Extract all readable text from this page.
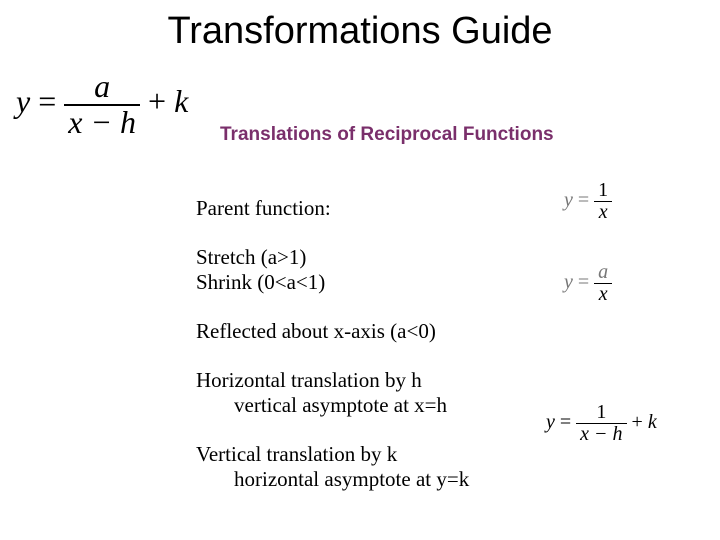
Transformations Guide
$y = \frac{a}{x - h} + k$
Translations of Reciprocal Functions
Parent function:
Stretch (a>1)
Shrink (0<a<1)
Reflected about x-axis (a<0)
Horizontal translation by h
vertical asymptote at x=h
Vertical translation by k
horizontal asymptote at y=k
$y = \frac{1}{x}$
$y = \frac{a}{x}$
$y = \frac{1}{x - h} + k$
